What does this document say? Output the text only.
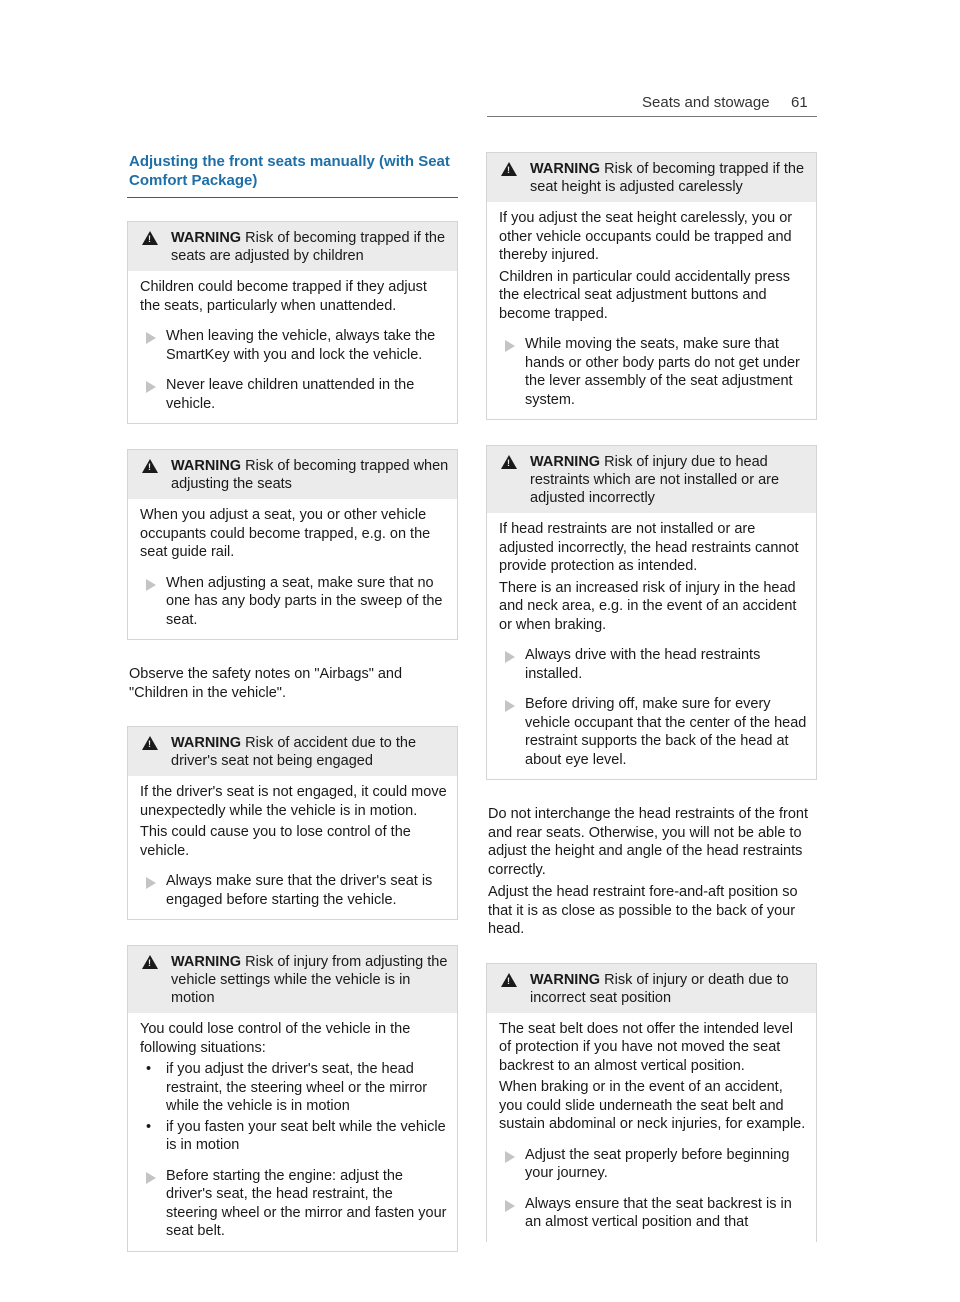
Seats and stowage 61
Adjusting the front seats manually (with Seat
Comfort Package)
! WARNING Risk of becoming trapped if the seats are adjusted by children

Children could become trapped if they adjust the seats, particularly when unattended.

When leaving the vehicle, always take the SmartKey with you and lock the vehicle.
Never leave children unattended in the vehicle.
! WARNING Risk of becoming trapped when adjusting the seats

When you adjust a seat, you or other vehicle occupants could become trapped, e.g. on the seat guide rail.

When adjusting a seat, make sure that no one has any body parts in the sweep of the seat.

Observe the safety notes on "Airbags" and "Children in the vehicle".

! WARNING Risk of accident due to the driver's seat not being engaged

If the driver's seat is not engaged, it could move unexpectedly while the vehicle is in motion.

This could cause you to lose control of the vehicle.

Always make sure that the driver's seat is engaged before starting the vehicle.
! WARNING Risk of injury from adjusting the vehicle settings while the vehicle is in motion

You could lose control of the vehicle in the following situations:

• if you adjust the driver's seat, the head restraint, the steering wheel or the mirror while the vehicle is in motion
• if you fasten your seat belt while the vehicle is in motion
Before starting the engine: adjust the driver's seat, the head restraint, the steering wheel or the mirror and fasten your seat belt.
! WARNING Risk of becoming trapped if the seat height is adjusted carelessly

If you adjust the seat height carelessly, you or other vehicle occupants could be trapped and thereby injured.

Children in particular could accidentally press the electrical seat adjustment buttons and become trapped.

While moving the seats, make sure that hands or other body parts do not get under the lever assembly of the seat adjustment system.
! WARNING Risk of injury due to head restraints which are not installed or are adjusted incorrectly

If head restraints are not installed or are adjusted incorrectly, the head restraints cannot provide protection as intended.

There is an increased risk of injury in the head and neck area, e.g. in the event of an accident or when braking.

Always drive with the head restraints installed.
Before driving off, make sure for every vehicle occupant that the center of the head restraint supports the back of the head at about eye level.

Do not interchange the head restraints of the front and rear seats. Otherwise, you will not be able to adjust the height and angle of the head restraints correctly.

Adjust the head restraint fore-and-aft position so that it is as close as possible to the back of your head.

! WARNING Risk of injury or death due to incorrect seat position

The seat belt does not offer the intended level of protection if you have not moved the seat backrest to an almost vertical position.

When braking or in the event of an accident, you could slide underneath the seat belt and sustain abdominal or neck injuries, for example.

Adjust the seat properly before beginning your journey.
Always ensure that the seat backrest is in an almost vertical position and that
